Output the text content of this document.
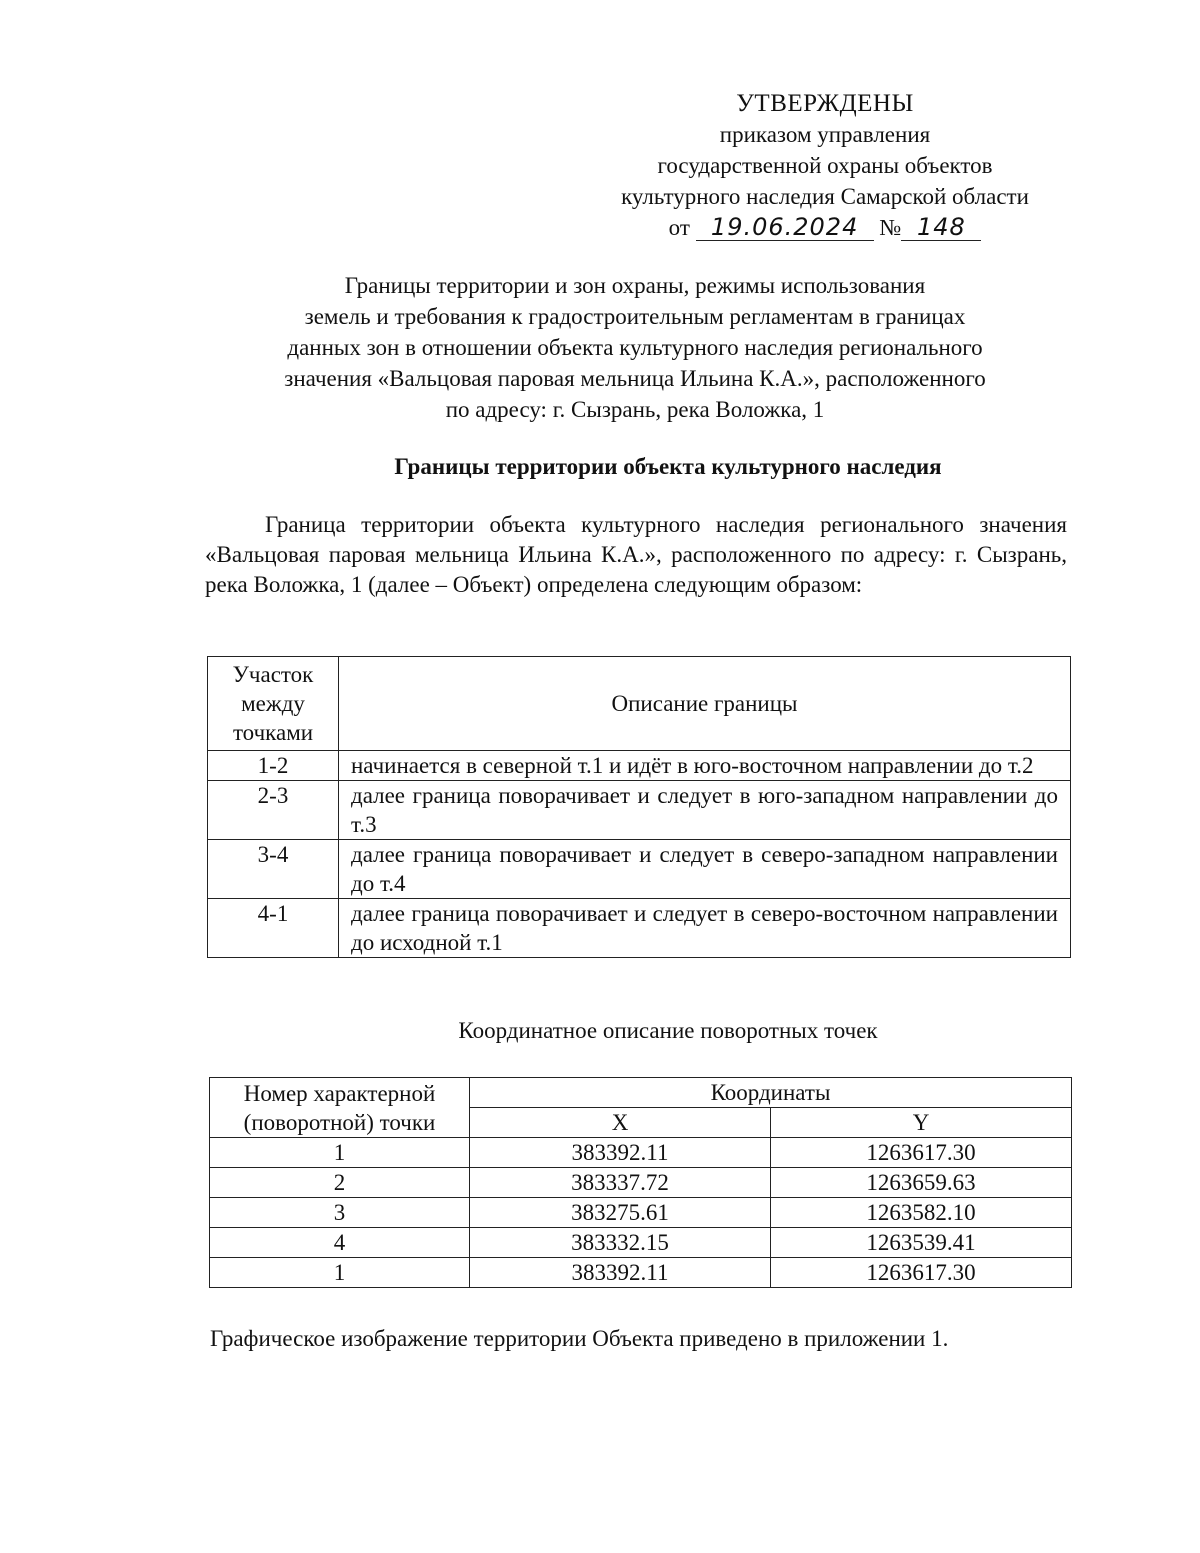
УТВЕРЖДЕНЫ
приказом управления
государственной охраны объектов
культурного наследия Самарской области
от 19.06.2024 № 148
Границы территории и зон охраны, режимы использования
земель и требования к градостроительным регламентам в границах
данных зон в отношении объекта культурного наследия регионального
значения «Вальцовая паровая мельница Ильина К.А.», расположенного
по адресу: г. Сызрань, река Воложка, 1
Границы территории объекта культурного наследия

Граница территории объекта культурного наследия регионального значения «Вальцовая паровая мельница Ильина К.А.», расположенного по адресу: г. Сызрань, река Воложка, 1 (далее – Объект) определена следующим образом:

Участок
между
точками	Описание границы
1-2	начинается в северной т.1 и идёт в юго-восточном направлении до т.2
2-3	далее граница поворачивает и следует в юго-западном направлении до т.3
3-4	далее граница поворачивает и следует в северо-западном направлении до т.4
4-1	далее граница поворачивает и следует в северо-восточном направлении до исходной т.1
Координатное описание поворотных точек
Номер характерной
(поворотной) точки	Координаты	
	X	Y
1	383392.11	1263617.30
2	383337.72	1263659.63
3	383275.61	1263582.10
4	383332.15	1263539.41
1	383392.11	1263617.30
Графическое изображение территории Объекта приведено в приложении 1.
